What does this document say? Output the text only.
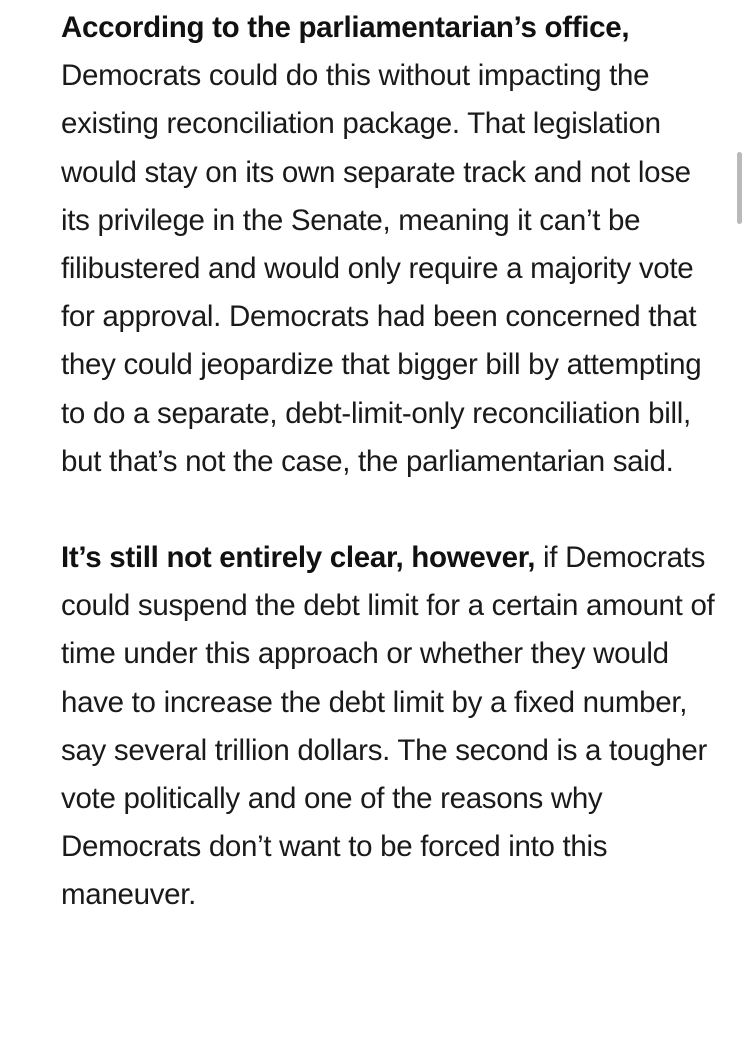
According to the parliamentarian’s office, Democrats could do this without impacting the existing reconciliation package. That legislation would stay on its own separate track and not lose its privilege in the Senate, meaning it can’t be filibustered and would only require a majority vote for approval. Democrats had been concerned that they could jeopardize that bigger bill by attempting to do a separate, debt-limit-only reconciliation bill, but that’s not the case, the parliamentarian said.

It’s still not entirely clear, however, if Democrats could suspend the debt limit for a certain amount of time under this approach or whether they would have to increase the debt limit by a fixed number, say several trillion dollars. The second is a tougher vote politically and one of the reasons why Democrats don’t want to be forced into this maneuver.
